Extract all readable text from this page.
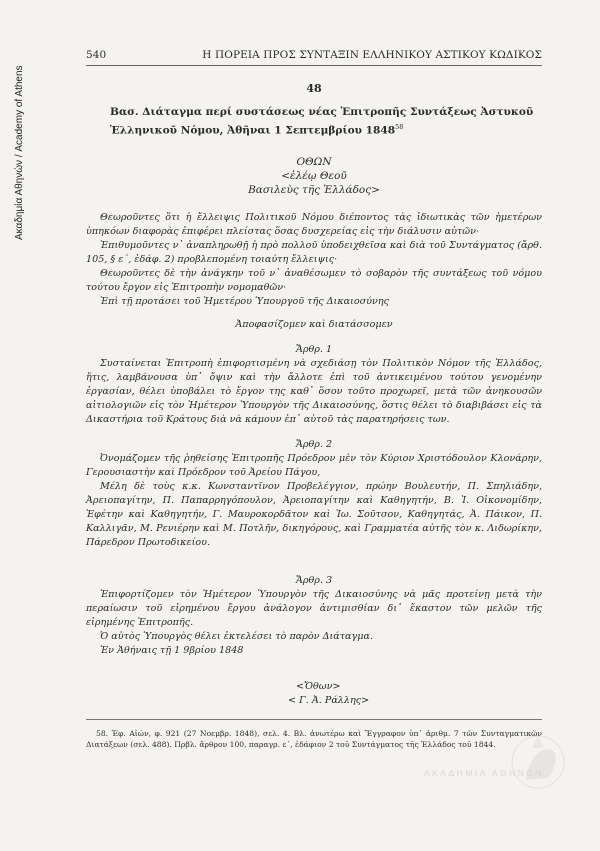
Ακαδημία Αθηνών / Academy of Athens
540	Η ΠΟΡΕΙΑ ΠΡΟΣ ΣΥΝΤΑΞΙΝ ΕΛΛΗΝΙΚΟΥ ΑΣΤΙΚΟΥ ΚΩΔΙΚΟΣ
48
Βασ. Διάταγμα περί συστάσεως νέας Ἐπιτροπῆς Συντάξεως Ἀστυκοῦ Ἑλληνικοῦ Νόμου, Ἀθῆναι 1 Σεπτεμβρίου 1848$^{58}$
ΟΘΩΝ
<ἐλέῳ Θεοῦ
Βασιλεὺς τῆς Ἑλλάδος>

Θεωροῦντες ὅτι ἡ ἔλλειψις Πολιτικοῦ Νόμου διέποντος τὰς ἰδιωτικὰς τῶν ἡμετέρων ὑπηκόων διαφορὰς ἐπιφέρει πλείστας ὅσας δυσχερείας εἰς τὴν διάλυσιν αὐτῶν·

Ἐπιθυμοῦντες ν᾽ ἀναπληρωθῇ ἡ πρὸ πολλοῦ ὑποδειχθεῖσα καὶ διὰ τοῦ Συντάγματος (ἄρθ. 105, § ε´, ἐδάφ. 2) προβλεπομένη τοιαύτη ἔλλειψις·

Θεωροῦντες δὲ τὴν ἀνάγκην τοῦ ν᾽ ἀναθέσωμεν τὸ σοβαρὸν τῆς συντάξεως τοῦ νόμου τούτου ἔργον εἰς Ἐπιτροπὴν νομομαθῶν·

Ἐπὶ τῇ προτάσει τοῦ Ἡμετέρου Ὑπουργοῦ τῆς Δικαιοσύνης

Ἀποφασίζομεν καὶ διατάσσομεν
Ἄρθρ. 1

Συσταίνεται Ἐπιτροπὴ ἐπιφορτισμένη νὰ σχεδιάσῃ τὸν Πολιτικὸν Νόμον τῆς Ἑλλάδος, ἥτις, λαμβάνουσα ὑπ᾽ ὄψιν καὶ τὴν ἄλλοτε ἐπὶ τοῦ ἀντικειμένου τούτου γενομένην ἐργασίαν, θέλει ὑποβάλει τὸ ἔργον της καθ᾽ ὅσον τοῦτο προχωρεῖ, μετὰ τῶν ἀνηκουσῶν αἰτιολογιῶν εἰς τὸν Ἡμέτερον Ὑπουργὸν τῆς Δικαιοσύνης, ὅστις θέλει τὸ διαβιβάσει εἰς τὰ Δικαστήρια τοῦ Κράτους διὰ νὰ κάμουν ἐπ᾽ αὐτοῦ τὰς παρατηρήσεις των.

Ἄρθρ. 2

Ὀνομάζομεν τῆς ῥηθείσης Ἐπιτροπῆς Πρόεδρον μὲν τὸν Κύριον Χριστόδουλον Κλονάρην, Γερουσιαστὴν καὶ Πρόεδρον τοῦ Ἀρείου Πάγου,

Μέλη δὲ τοὺς κ.κ. Κωνσταντῖνον Προβελέγγιον, πρώην Βουλευτήν, Π. Σπηλιάδην, Ἀρειοπαγίτην, Π. Παπαρρηγόπουλον, Ἀρειοπαγίτην καὶ Καθηγητήν, Β. Ἰ. Οἰκονομίδην, Ἐφέτην καὶ Καθηγητήν, Γ. Μαυροκορδᾶτον καὶ Ἰω. Σοῦτσον, Καθηγητάς, Ἀ. Πάικον, Π. Καλλιγᾶν, Μ. Ρενιέρην καὶ Μ. Ποτλῆν, δικηγόρους, καὶ Γραμματέα αὐτῆς τὸν κ. Λιδωρίκην, Πάρεδρον Πρωτοδικείου.

Ἄρθρ. 3

Ἐπιφορτίζομεν τὸν Ἡμέτερον Ὑπουργὸν τῆς Δικαιοσύνης νὰ μᾶς προτείνῃ μετὰ τὴν περαίωσιν τοῦ εἰρημένου ἔργου ἀνάλογον ἀντιμισθίαν δι᾽ ἕκαστον τῶν μελῶν τῆς εἰρημένης Ἐπιτροπῆς.

Ὁ αὐτὸς Ὑπουργὸς θέλει ἐκτελέσει τὸ παρὸν Διάταγμα.

Ἐν Ἀθήναις τῇ 1 9βρίου 1848

<Ὄθων>
< Γ. Ἀ. Ράλλης>

58. Ἐφ. Αἰών, φ. 921 (27 Νοεμβρ. 1848), σελ. 4. Βλ. ἀνωτέρω καὶ Ἔγγραφον ὑπ᾽ ἀριθμ. 7 τῶν Συνταγματικῶν Διατάξεων (σελ. 488). Πρβλ. ἄρθρον 100, παραγρ. ε´, ἐδάφιον 2 τοῦ Συντάγματος τῆς Ἑλλάδος τοῦ 1844.

ΑΚΑΔΗΜΙΑ ΑΘΗΝΩΝ
